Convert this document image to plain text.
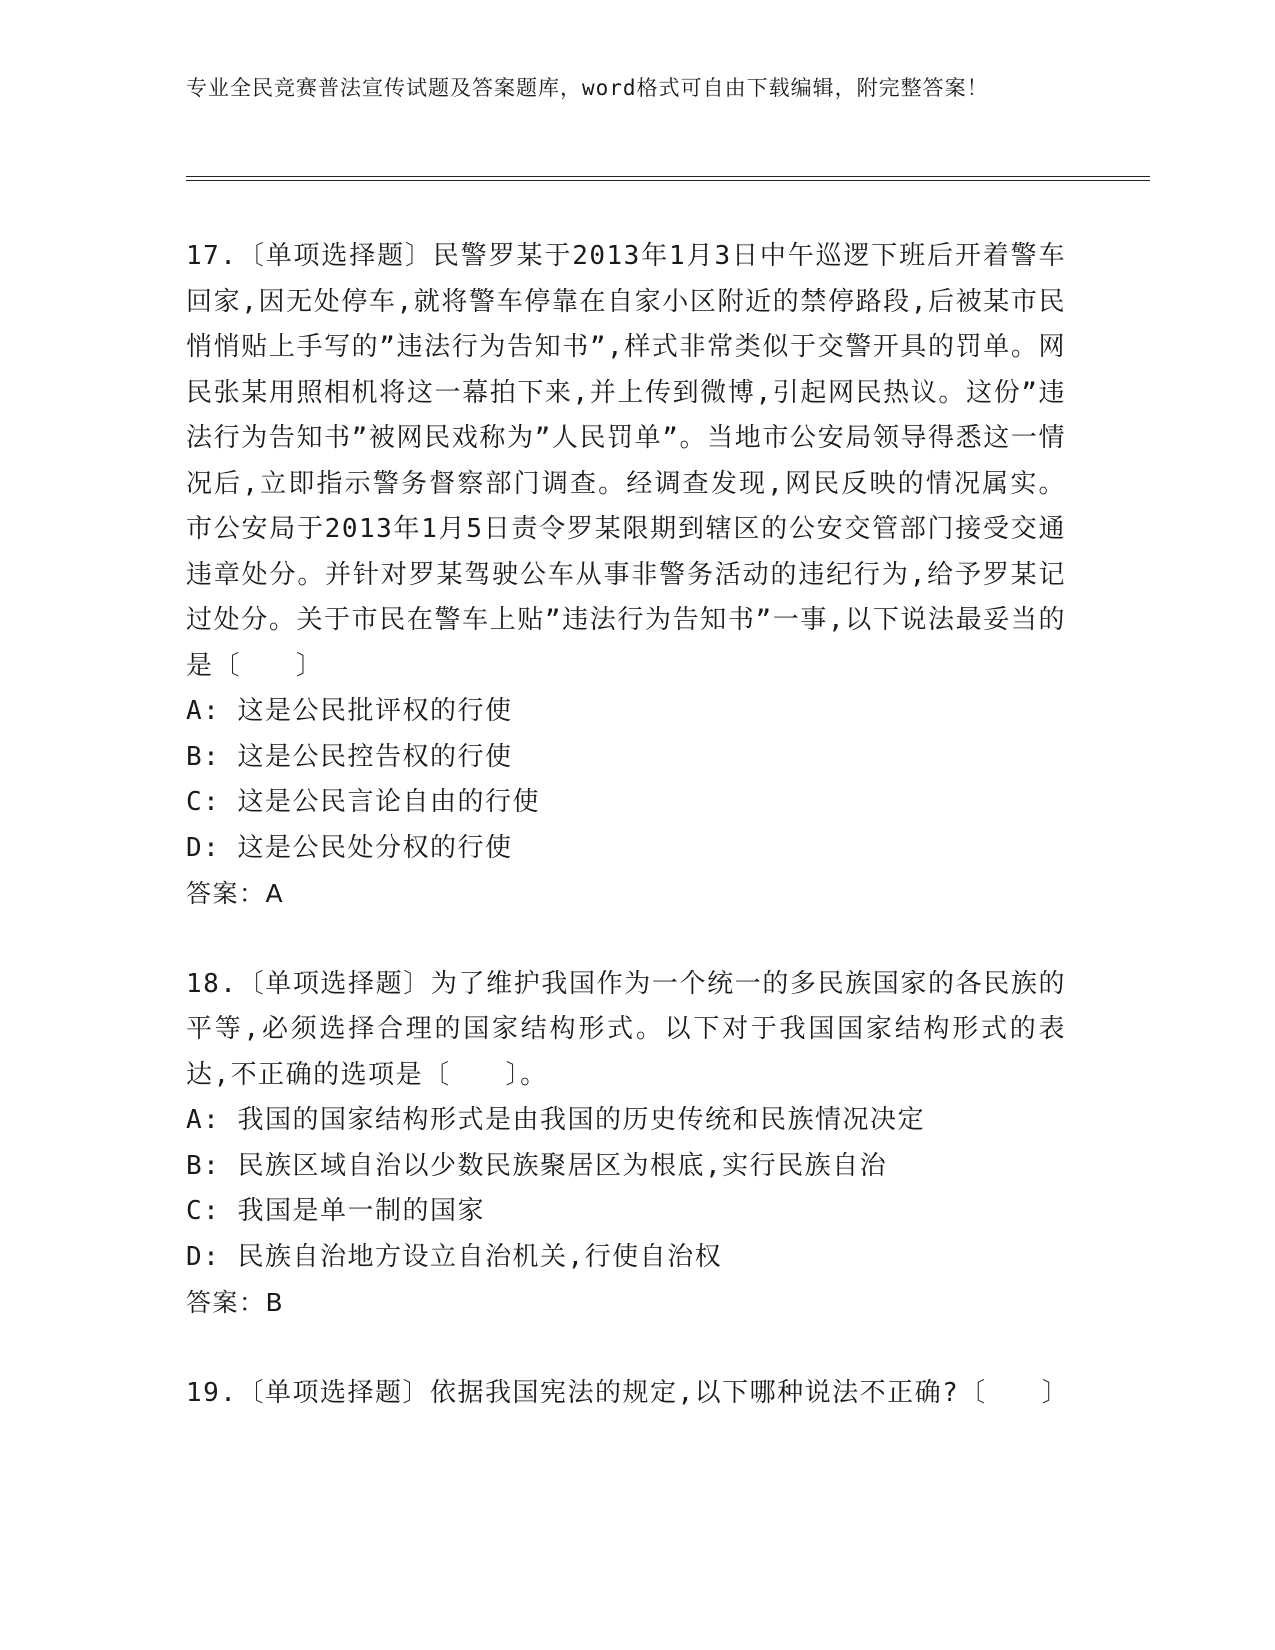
专业全民竞赛普法宣传试题及答案题库，word格式可自由下载编辑，附完整答案！
17.〔单项选择题〕民警罗某于2013年1月3日中午巡逻下班后开着警车回家,因无处停车,就将警车停靠在自家小区附近的禁停路段,后被某市民悄悄贴上手写的”违法行为告知书”,样式非常类似于交警开具的罚单。网民张某用照相机将这一幕拍下来,并上传到微博,引起网民热议。这份”违法行为告知书”被网民戏称为”人民罚单”。当地市公安局领导得悉这一情况后,立即指示警务督察部门调查。经调查发现,网民反映的情况属实。市公安局于2013年1月5日责令罗某限期到辖区的公安交管部门接受交通违章处分。并针对罗某驾驶公车从事非警务活动的违纪行为,给予罗某记过处分。关于市民在警车上贴”违法行为告知书”一事,以下说法最妥当的是〔　　〕
A: 这是公民批评权的行使
B: 这是公民控告权的行使
C: 这是公民言论自由的行使
D: 这是公民处分权的行使
答案：A
18.〔单项选择题〕为了维护我国作为一个统一的多民族国家的各民族的平等,必须选择合理的国家结构形式。以下对于我国国家结构形式的表达,不正确的选项是〔　　〕。
A: 我国的国家结构形式是由我国的历史传统和民族情况决定
B: 民族区域自治以少数民族聚居区为根底,实行民族自治
C: 我国是单一制的国家
D: 民族自治地方设立自治机关,行使自治权
答案：B
19.〔单项选择题〕依据我国宪法的规定,以下哪种说法不正确?〔　　〕
